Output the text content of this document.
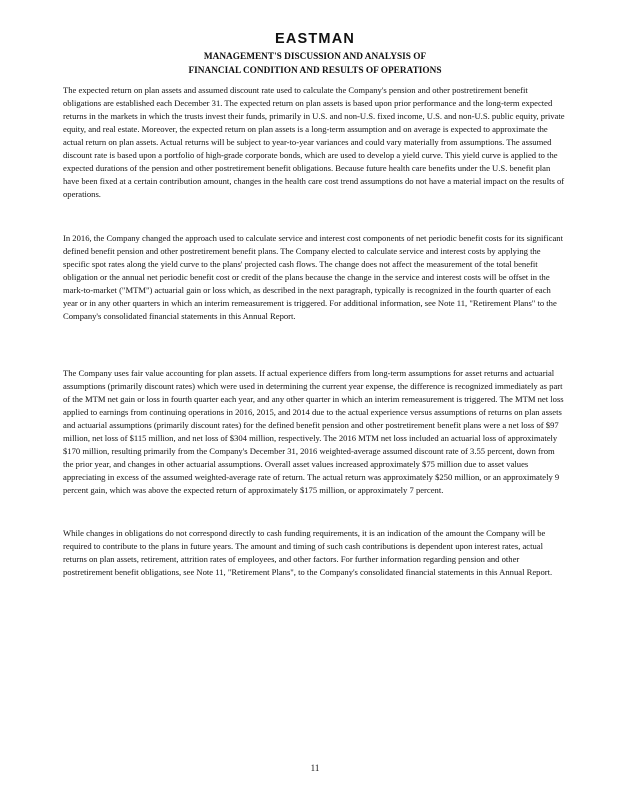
EASTMAN
MANAGEMENT'S DISCUSSION AND ANALYSIS OF
FINANCIAL CONDITION AND RESULTS OF OPERATIONS

The expected return on plan assets and assumed discount rate used to calculate the Company's pension and other postretirement benefit obligations are established each December 31. The expected return on plan assets is based upon prior performance and the long-term expected returns in the markets in which the trusts invest their funds, primarily in U.S. and non-U.S. fixed income, U.S. and non-U.S. public equity, private equity, and real estate. Moreover, the expected return on plan assets is a long-term assumption and on average is expected to approximate the actual return on plan assets. Actual returns will be subject to year-to-year variances and could vary materially from assumptions. The assumed discount rate is based upon a portfolio of high-grade corporate bonds, which are used to develop a yield curve. This yield curve is applied to the expected durations of the pension and other postretirement benefit obligations. Because future health care benefits under the U.S. benefit plan have been fixed at a certain contribution amount, changes in the health care cost trend assumptions do not have a material impact on the results of operations.

In 2016, the Company changed the approach used to calculate service and interest cost components of net periodic benefit costs for its significant defined benefit pension and other postretirement benefit plans. The Company elected to calculate service and interest costs by applying the specific spot rates along the yield curve to the plans' projected cash flows. The change does not affect the measurement of the total benefit obligation or the annual net periodic benefit cost or credit of the plans because the change in the service and interest costs will be offset in the mark-to-market ("MTM") actuarial gain or loss which, as described in the next paragraph, typically is recognized in the fourth quarter of each year or in any other quarters in which an interim remeasurement is triggered. For additional information, see Note 11, "Retirement Plans" to the Company's consolidated financial statements in this Annual Report.

The Company uses fair value accounting for plan assets. If actual experience differs from long-term assumptions for asset returns and actuarial assumptions (primarily discount rates) which were used in determining the current year expense, the difference is recognized immediately as part of the MTM net gain or loss in fourth quarter each year, and any other quarter in which an interim remeasurement is triggered. The MTM net loss applied to earnings from continuing operations in 2016, 2015, and 2014 due to the actual experience versus assumptions of returns on plan assets and actuarial assumptions (primarily discount rates) for the defined benefit pension and other postretirement benefit plans were a net loss of $97 million, net loss of $115 million, and net loss of $304 million, respectively. The 2016 MTM net loss included an actuarial loss of approximately $170 million, resulting primarily from the Company's December 31, 2016 weighted-average assumed discount rate of 3.55 percent, down from the prior year, and changes in other actuarial assumptions. Overall asset values increased approximately $75 million due to asset values appreciating in excess of the assumed weighted-average rate of return. The actual return was approximately $250 million, or an approximately 9 percent gain, which was above the expected return of approximately $175 million, or approximately 7 percent.

While changes in obligations do not correspond directly to cash funding requirements, it is an indication of the amount the Company will be required to contribute to the plans in future years. The amount and timing of such cash contributions is dependent upon interest rates, actual returns on plan assets, retirement, attrition rates of employees, and other factors. For further information regarding pension and other postretirement benefit obligations, see Note 11, "Retirement Plans", to the Company's consolidated financial statements in this Annual Report.

11
